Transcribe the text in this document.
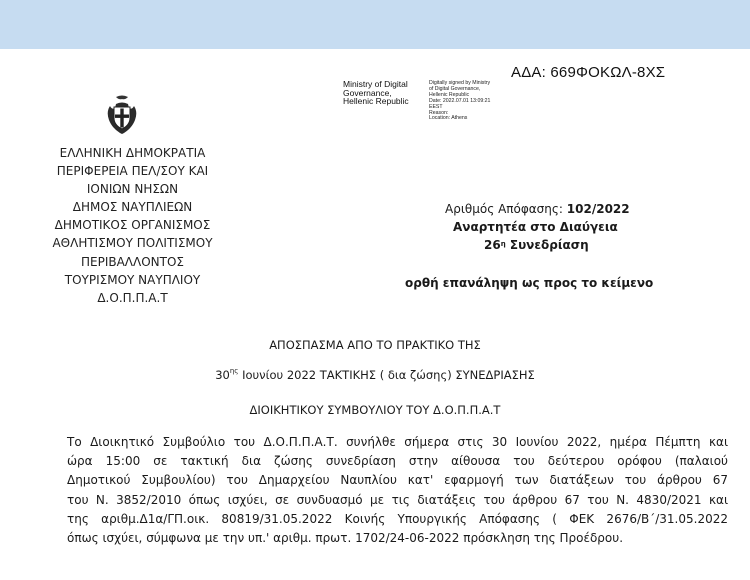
ΑΔΑ: 669ΦΟΚΩΛ-8ΧΣ
Ministry of Digital
Governance,
Hellenic Republic
Digitally signed by Ministry
of Digital Governance,
Hellenic Republic
Date: 2022.07.01 13:09:21
EEST
Reason:
Location: Athens
ΕΛΛΗΝΙΚΗ ΔΗΜΟΚΡΑΤΙΑ
ΠΕΡΙΦΕΡΕΙΑ ΠΕΛ/ΣΟΥ ΚΑΙ
ΙΟΝΙΩΝ ΝΗΣΩΝ
ΔΗΜΟΣ ΝΑΥΠΛΙΕΩΝ
ΔΗΜΟΤΙΚΟΣ ΟΡΓΑΝΙΣΜΟΣ
ΑΘΛΗΤΙΣΜΟΥ ΠΟΛΙΤΙΣΜΟΥ
ΠΕΡΙΒΑΛΛΟΝΤΟΣ
ΤΟΥΡΙΣΜΟΥ ΝΑΥΠΛΙΟΥ
Δ.Ο.Π.Π.Α.Τ
Αριθμός Απόφασης: 102/2022
Αναρτητέα στο Διαύγεια
$26^\eta$ Συνεδρίαση
ορθή επανάληψη ως προς το κείμενο
ΑΠΟΣΠΑΣΜΑ ΑΠΟ ΤΟ ΠΡΑΚΤΙΚΟ ΤΗΣ
$30^{\eta\varsigma}$ Ιουνίου 2022 ΤΑΚΤΙΚΗΣ ( δια ζώσης) ΣΥΝΕΔΡΙΑΣΗΣ
ΔΙΟΙΚΗΤΙΚΟΥ ΣΥΜΒΟΥΛΙΟΥ ΤΟΥ Δ.Ο.Π.Π.Α.Τ
Το Διοικητικό Συμβούλιο του Δ.Ο.Π.Π.Α.Τ. συνήλθε σήμερα στις 30 Ιουνίου 2022, ημέρα Πέμπτη και
ώρα 15:00 σε τακτική δια ζώσης συνεδρίαση στην αίθουσα του δεύτερου ορόφου (παλαιού
Δημοτικού Συμβουλίου) του Δημαρχείου Ναυπλίου κατ' εφαρμογή των διατάξεων του άρθρου 67
του Ν. 3852/2010 όπως ισχύει, σε συνδυασμό με τις διατάξεις του άρθρου 67 του Ν. 4830/2021 και
της αριθμ.Δ1α/ΓΠ.οικ. 80819/31.05.2022 Κοινής Υπουργικής Απόφασης ( ΦΕΚ 2676/Β΄/31.05.2022
όπως ισχύει, σύμφωνα με την υπ.' αριθμ. πρωτ. 1702/24-06-2022 πρόσκληση της Προέδρου.
